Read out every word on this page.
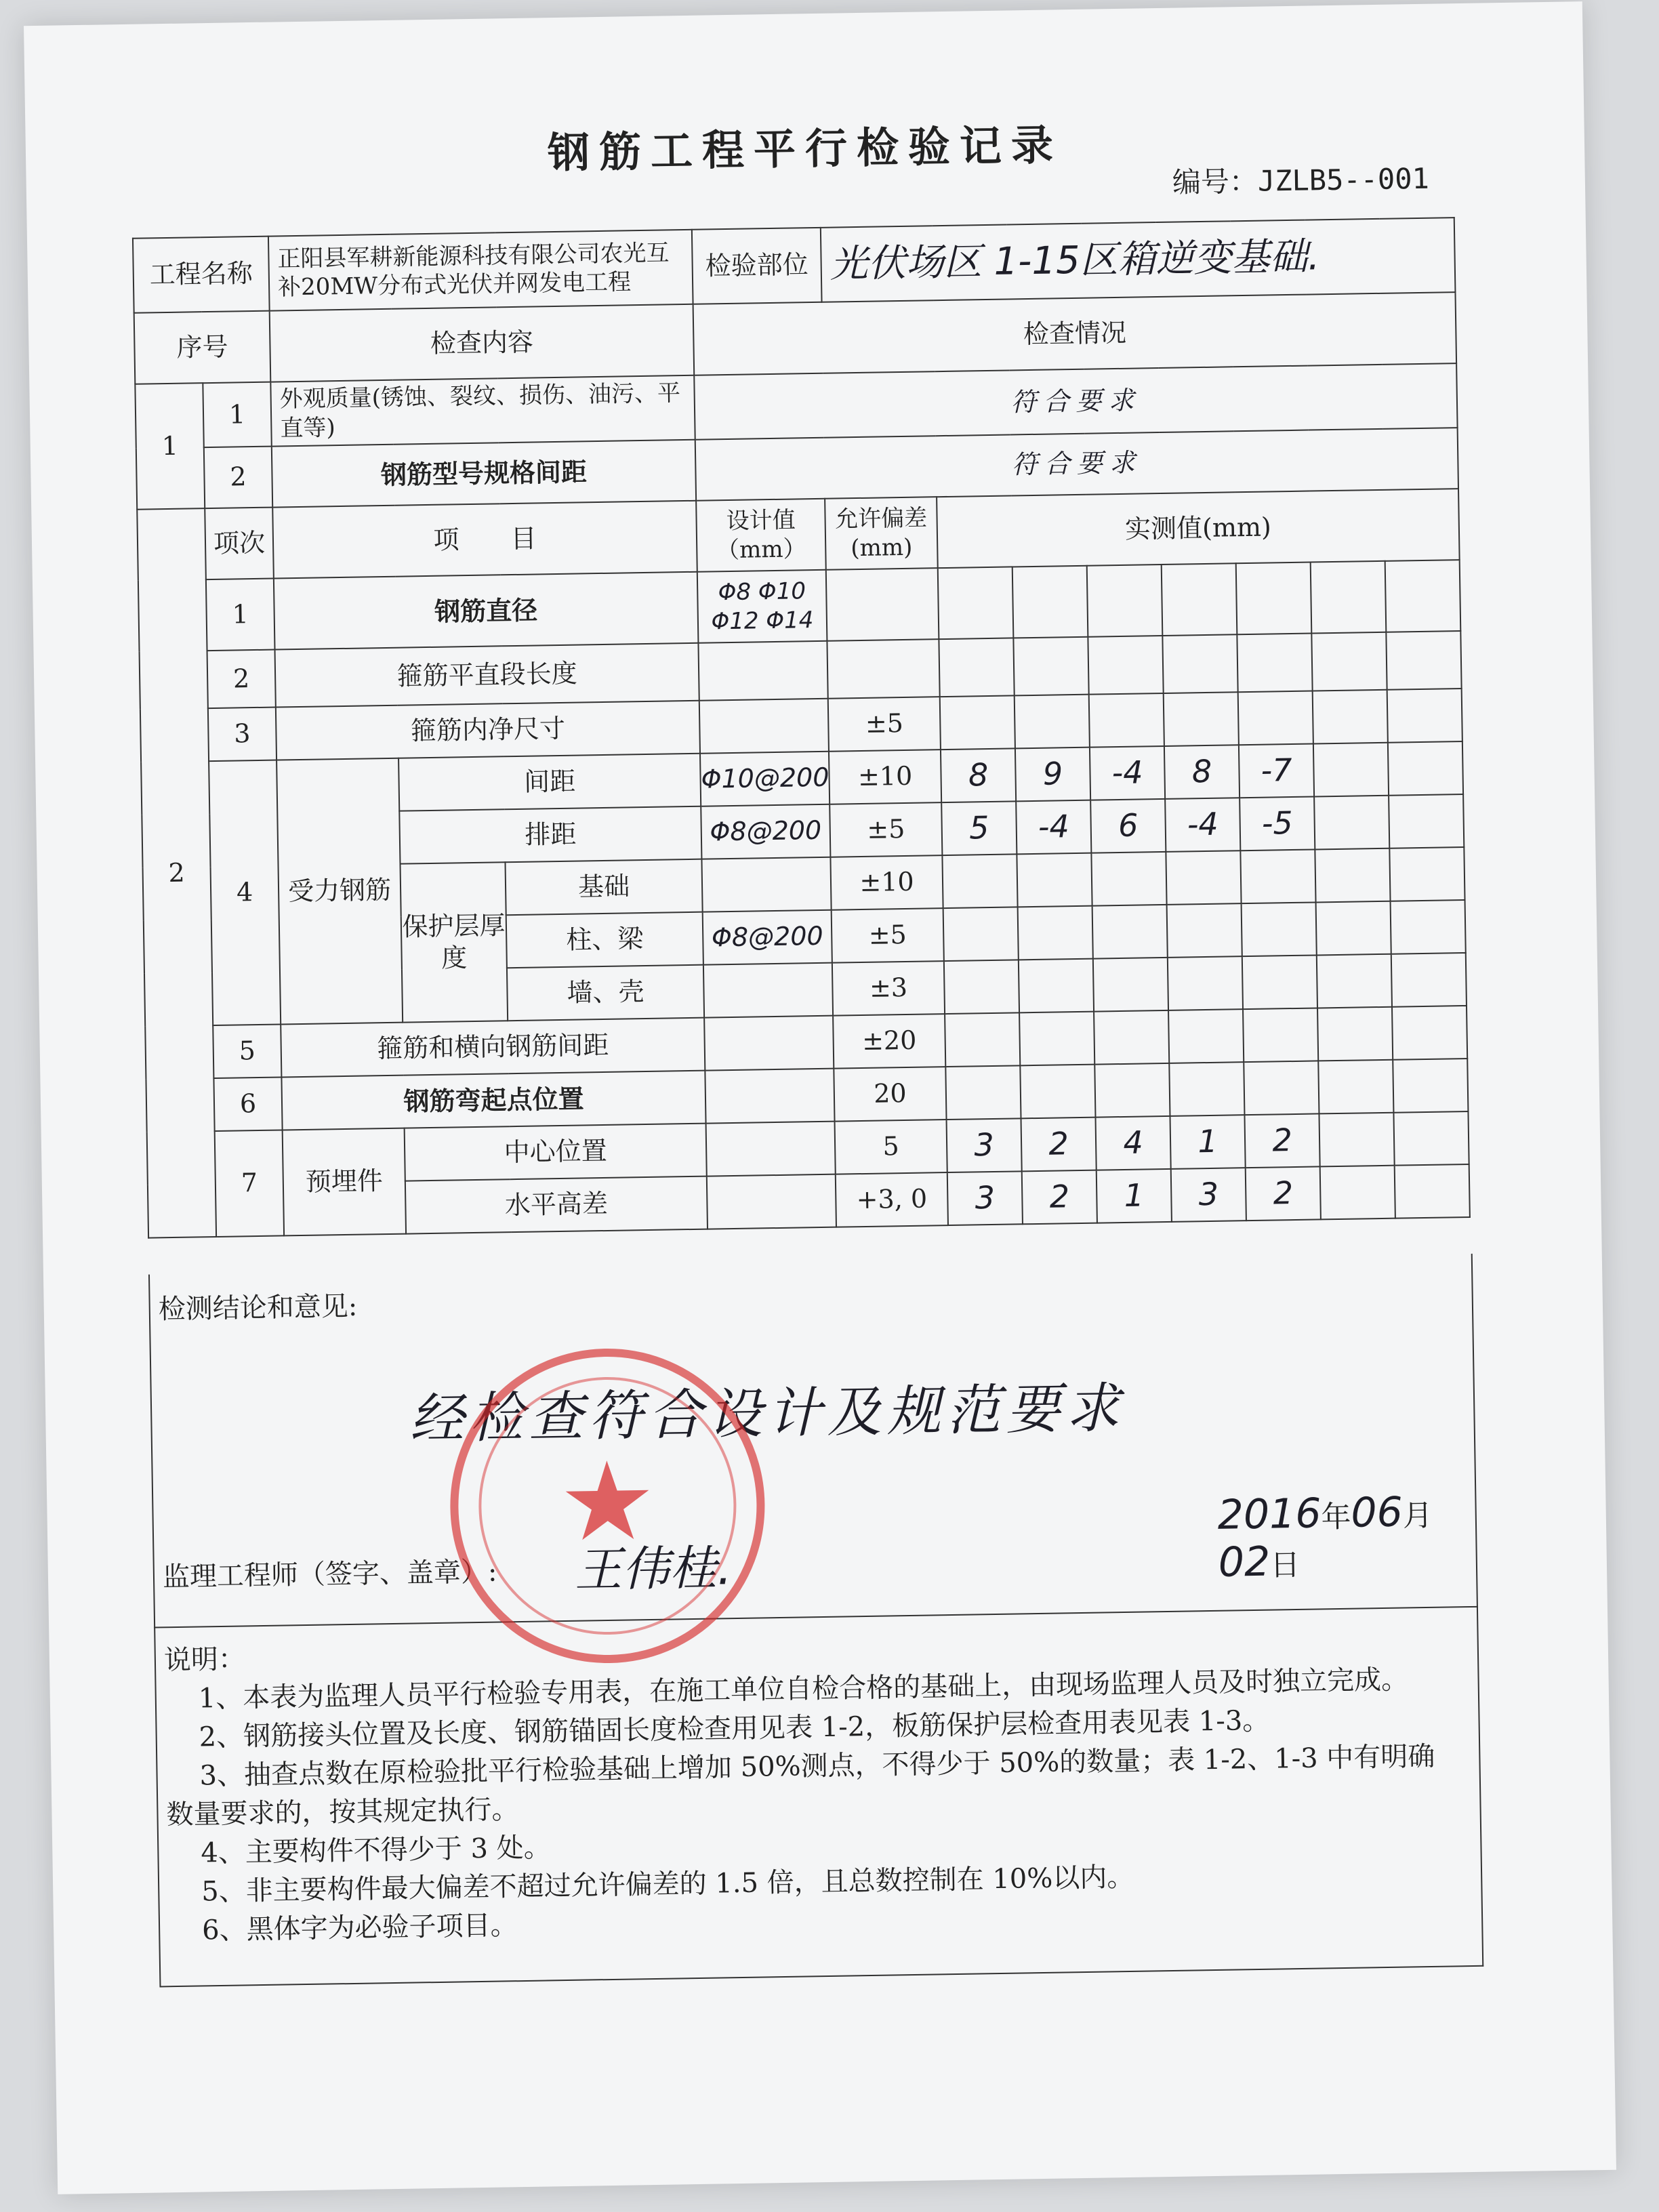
钢筋工程平行检验记录
编号：JZLB5--001
工程名称		正阳县军耕新能源科技有限公司农光互补20MW分布式光伏并网发电工程			检验部位	光伏场区 1-15区箱逆变基础.							
序号		检查内容			检查情况								
1	1	外观质量(锈蚀、裂纹、损伤、油污、平直等)			符合要求								
	2	钢筋型号规格间距			符合要求								
2	项次	项　　目			设计值（mm）	允许偏差(mm)	实测值(mm)						
	1	钢筋直径			Φ8 Φ10 Φ12 Φ14								
	2	箍筋平直段长度											
	3	箍筋内净尺寸				±5							
	4	受力钢筋	间距		Φ10@200	±10	8	9	-4	8	-7		
			排距		Φ8@200	±5	5	-4	6	-4	-5		
			保护层厚度	基础		±10							
				柱、梁	Φ8@200	±5							
				墙、壳		±3							
	5	箍筋和横向钢筋间距				±20							
	6	钢筋弯起点位置				20							
	7	预埋件	中心位置			5	3	2	4	1	2		
			水平高差			+3, 0	3	2	1	3	2		
检测结论和意见:
经检查符合设计及规范要求
监理工程师（签字、盖章）: 王伟桂.
2016年06月02日
★
说明：
1、本表为监理人员平行检验专用表，在施工单位自检合格的基础上，由现场监理人员及时独立完成。
2、钢筋接头位置及长度、钢筋锚固长度检查用见表 1-2，板筋保护层检查用表见表 1-3。
3、抽查点数在原检验批平行检验基础上增加 50%测点，不得少于 50%的数量；表 1-2、1-3 中有明确
数量要求的，按其规定执行。
4、主要构件不得少于 3 处。
5、非主要构件最大偏差不超过允许偏差的 1.5 倍，且总数控制在 10%以内。
6、黑体字为必验子项目。
